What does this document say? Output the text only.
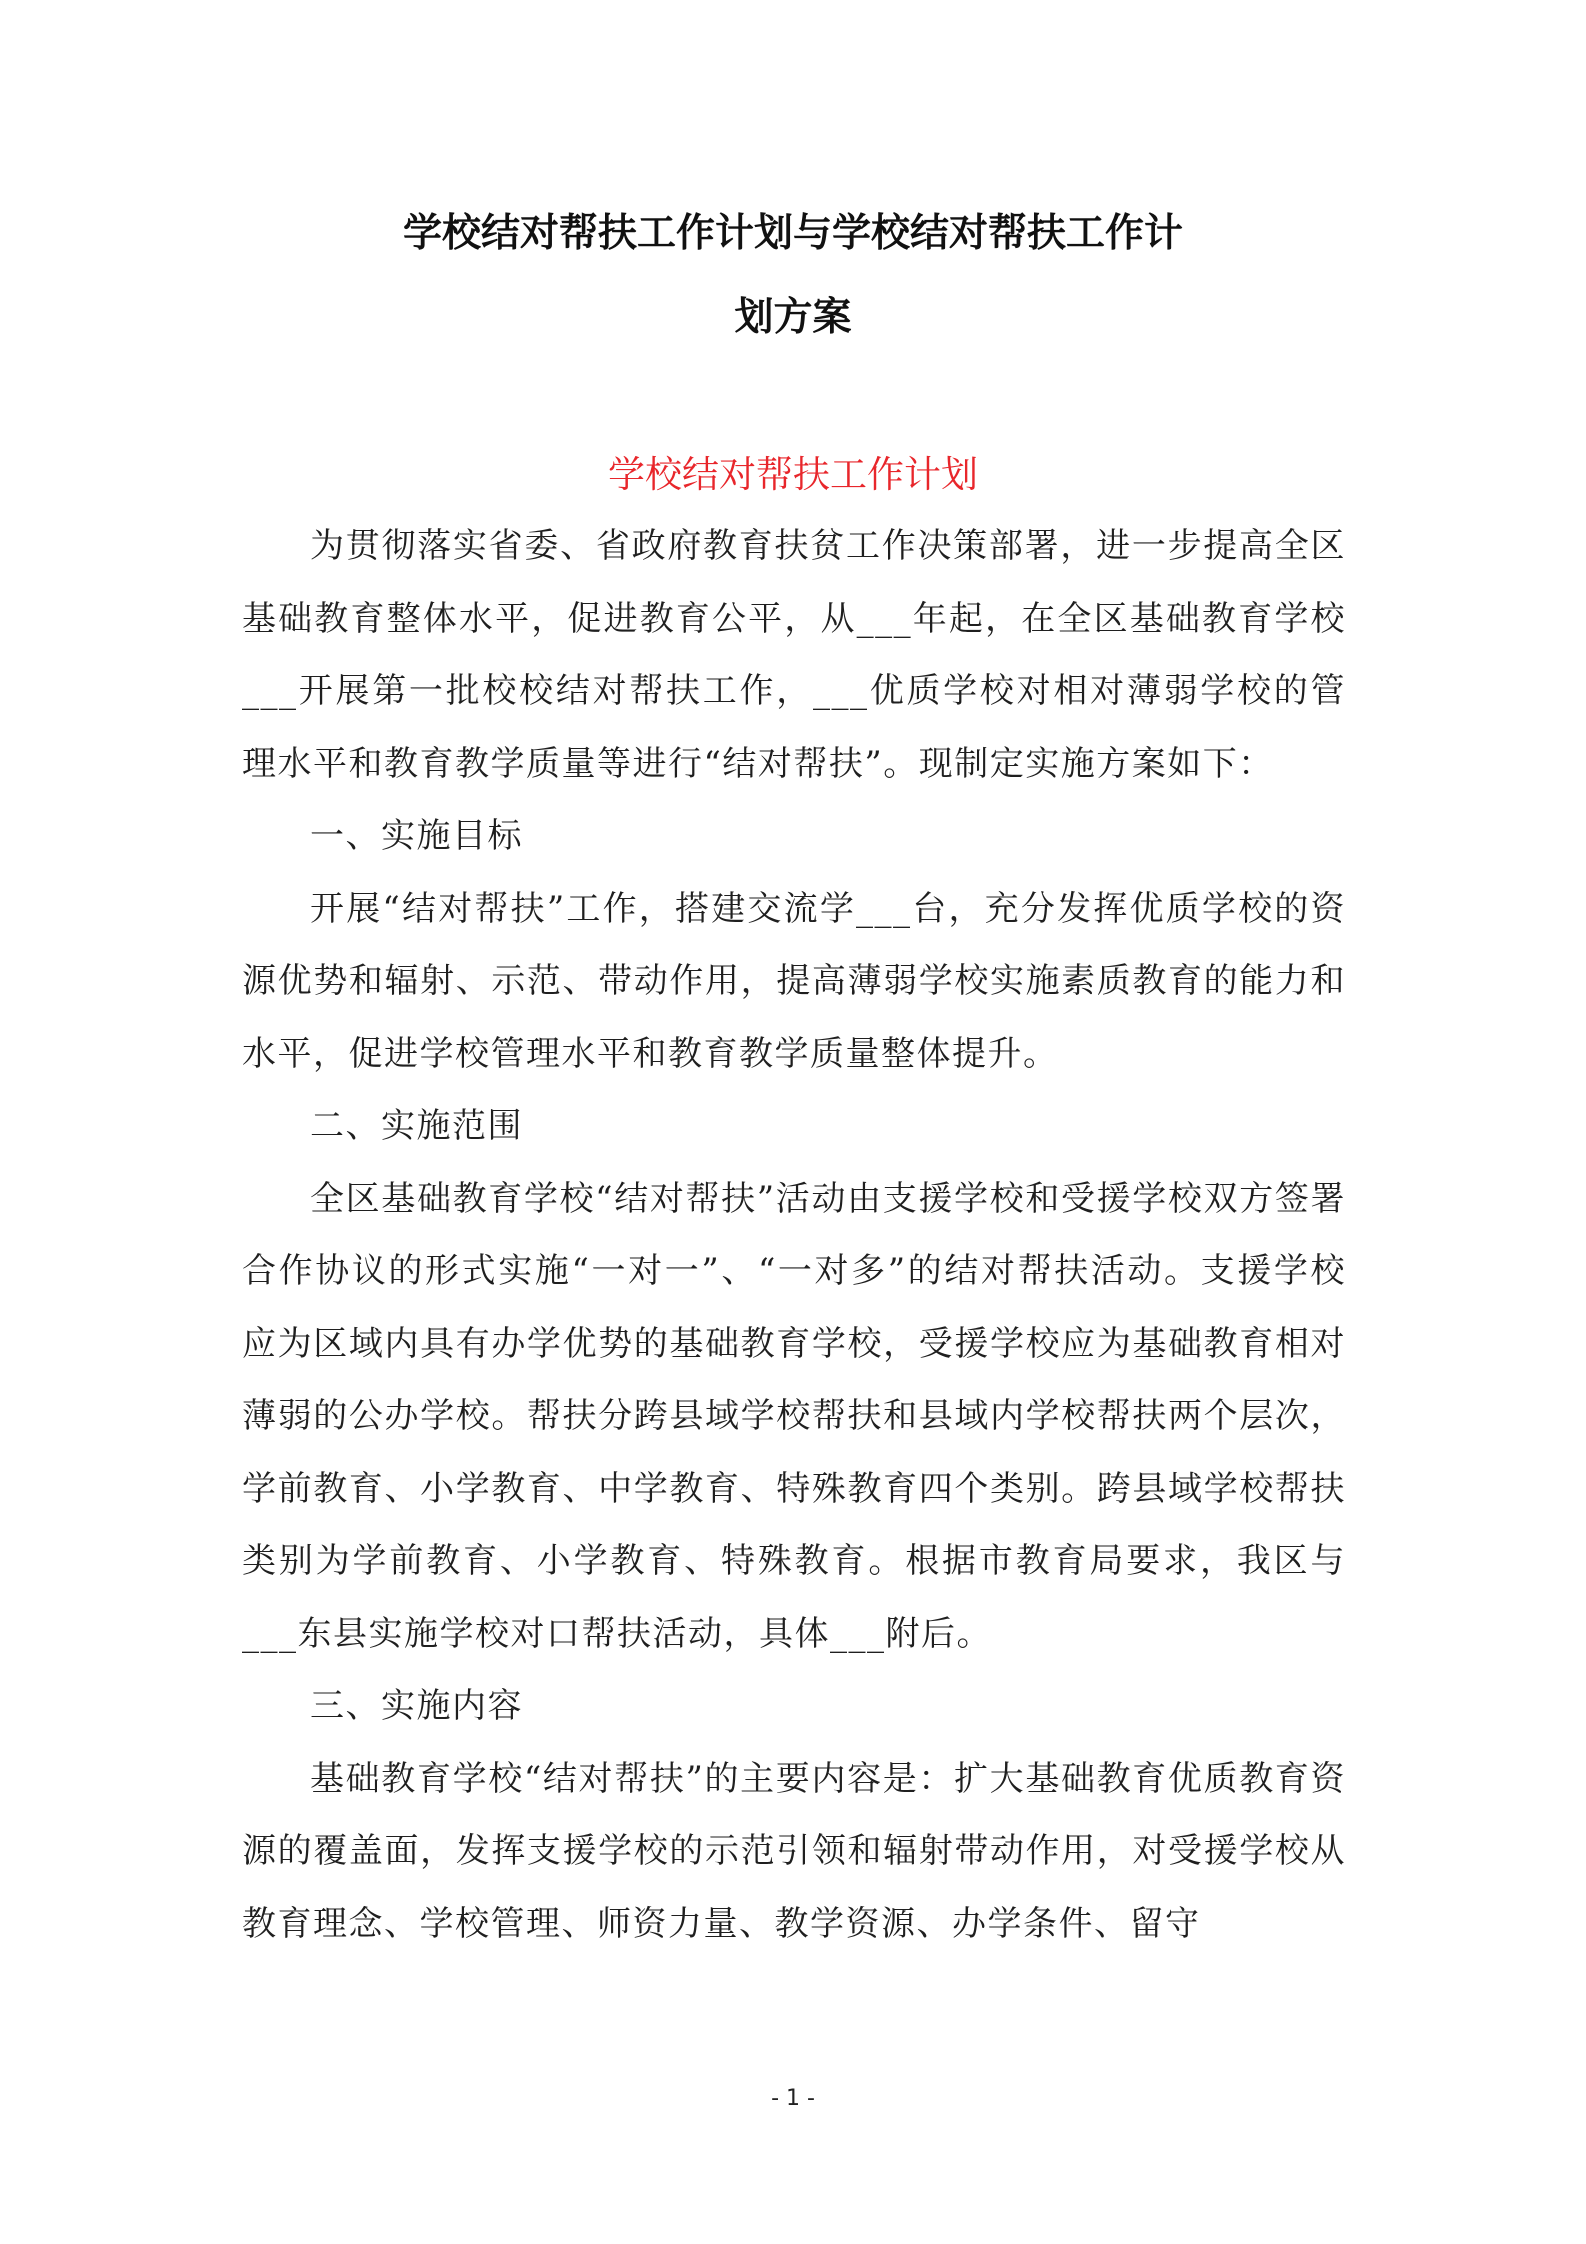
学校结对帮扶工作计划与学校结对帮扶工作计
划方案
学校结对帮扶工作计划

为贯彻落实省委、省政府教育扶贫工作决策部署，进一步提高全区基础教育整体水平，促进教育公平，从___年起，在全区基础教育学校___开展第一批校校结对帮扶工作，___优质学校对相对薄弱学校的管理水平和教育教学质量等进行“结对帮扶”。现制定实施方案如下：

一、实施目标

开展“结对帮扶”工作，搭建交流学___台，充分发挥优质学校的资源优势和辐射、示范、带动作用，提高薄弱学校实施素质教育的能力和水平，促进学校管理水平和教育教学质量整体提升。

二、实施范围

全区基础教育学校“结对帮扶”活动由支援学校和受援学校双方签署合作协议的形式实施“一对一”、“一对多”的结对帮扶活动。支援学校应为区域内具有办学优势的基础教育学校，受援学校应为基础教育相对薄弱的公办学校。帮扶分跨县域学校帮扶和县域内学校帮扶两个层次，学前教育、小学教育、中学教育、特殊教育四个类别。跨县域学校帮扶类别为学前教育、小学教育、特殊教育。根据市教育局要求，我区与___东县实施学校对口帮扶活动，具体___附后。

三、实施内容

基础教育学校“结对帮扶”的主要内容是：扩大基础教育优质教育资源的覆盖面，发挥支援学校的示范引领和辐射带动作用，对受援学校从教育理念、学校管理、师资力量、教学资源、办学条件、留守

- 1 -
